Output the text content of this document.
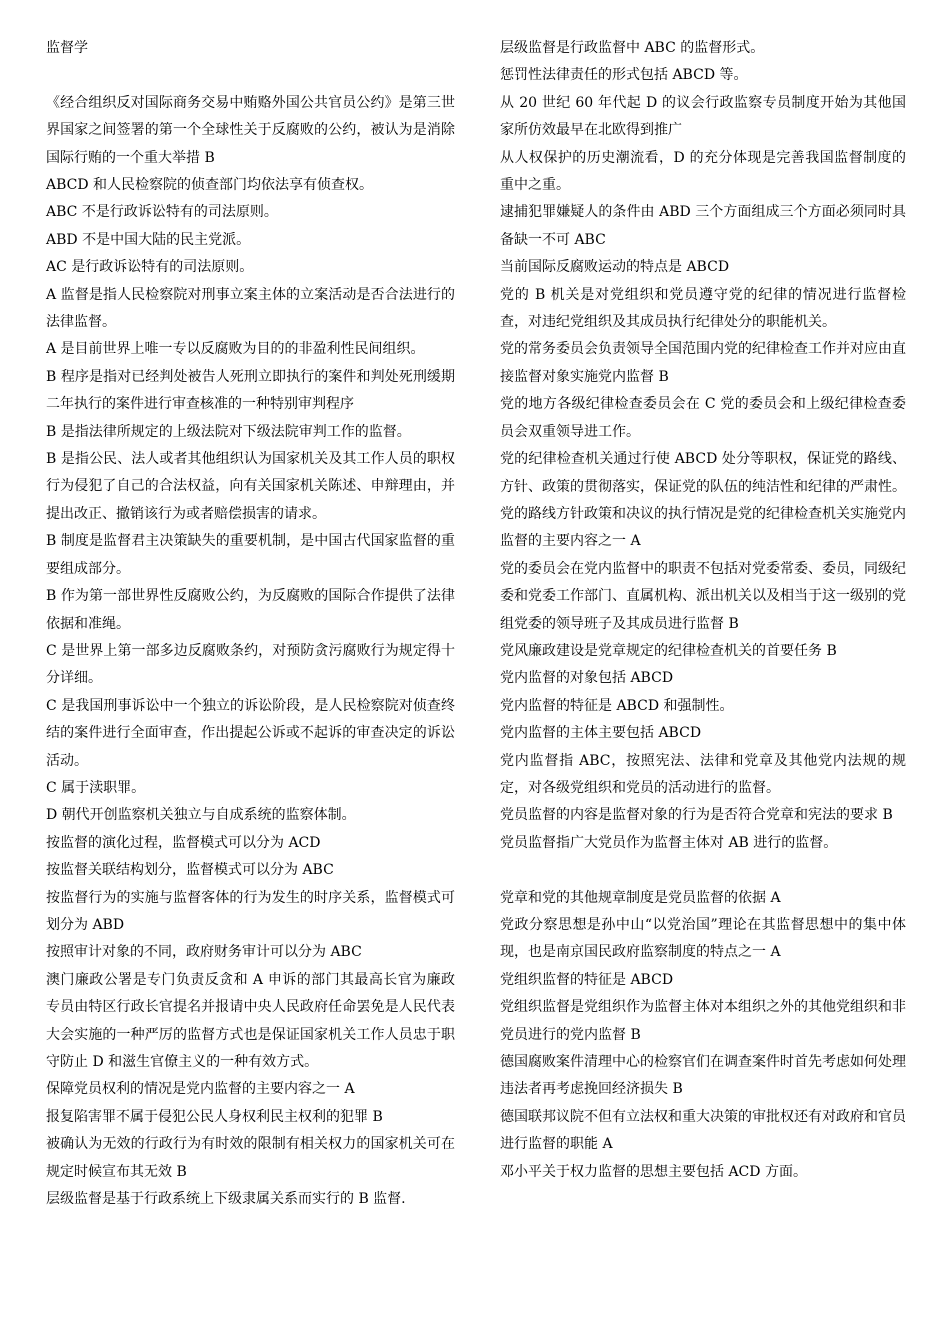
监督学

《经合组织反对国际商务交易中贿赂外国公共官员公约》是第三世界国家之间签署的第一个全球性关于反腐败的公约，被认为是消除国际行贿的一个重大举措 B

ABCD 和人民检察院的侦查部门均依法享有侦查权。

ABC 不是行政诉讼特有的司法原则。

ABD 不是中国大陆的民主党派。

AC 是行政诉讼特有的司法原则。

A 监督是指人民检察院对刑事立案主体的立案活动是否合法进行的法律监督。

A 是目前世界上唯一专以反腐败为目的的非盈利性民间组织。

B 程序是指对已经判处被告人死刑立即执行的案件和判处死刑缓期二年执行的案件进行审查核准的一种特别审判程序

B 是指法律所规定的上级法院对下级法院审判工作的监督。

B 是指公民、法人或者其他组织认为国家机关及其工作人员的职权行为侵犯了自己的合法权益，向有关国家机关陈述、申辩理由，并提出改正、撤销该行为或者赔偿损害的请求。

B 制度是监督君主决策缺失的重要机制，是中国古代国家监督的重要组成部分。

B 作为第一部世界性反腐败公约，为反腐败的国际合作提供了法律依据和准绳。

C 是世界上第一部多边反腐败条约，对预防贪污腐败行为规定得十分详细。

C 是我国刑事诉讼中一个独立的诉讼阶段，是人民检察院对侦查终结的案件进行全面审查，作出提起公诉或不起诉的审查决定的诉讼活动。

C 属于渎职罪。

D 朝代开创监察机关独立与自成系统的监察体制。

按监督的演化过程，监督模式可以分为 ACD

按监督关联结构划分，监督模式可以分为 ABC

按监督行为的实施与监督客体的行为发生的时序关系，监督模式可划分为 ABD

按照审计对象的不同，政府财务审计可以分为 ABC

澳门廉政公署是专门负责反贪和 A 申诉的部门其最高长官为廉政专员由特区行政长官提名并报请中央人民政府任命罢免是人民代表大会实施的一种严厉的监督方式也是保证国家机关工作人员忠于职守防止 D 和滋生官僚主义的一种有效方式。

保障党员权利的情况是党内监督的主要内容之一 A

报复陷害罪不属于侵犯公民人身权利民主权利的犯罪 B

被确认为无效的行政行为有时效的限制有相关权力的国家机关可在规定时候宣布其无效 B

层级监督是基于行政系统上下级隶属关系而实行的 B 监督.

层级监督是行政监督中 ABC 的监督形式。

惩罚性法律责任的形式包括 ABCD 等。

从 20 世纪 60 年代起 D 的议会行政监察专员制度开始为其他国家所仿效最早在北欧得到推广

从人权保护的历史潮流看，D 的充分体现是完善我国监督制度的重中之重。

逮捕犯罪嫌疑人的条件由 ABD 三个方面组成三个方面必须同时具备缺一不可 ABC

当前国际反腐败运动的特点是 ABCD

党的 B 机关是对党组织和党员遵守党的纪律的情况进行监督检查，对违纪党组织及其成员执行纪律处分的职能机关。

党的常务委员会负责领导全国范围内党的纪律检查工作并对应由直接监督对象实施党内监督 B

党的地方各级纪律检查委员会在 C 党的委员会和上级纪律检查委员会双重领导进工作。

党的纪律检查机关通过行使 ABCD 处分等职权，保证党的路线、方针、政策的贯彻落实，保证党的队伍的纯洁性和纪律的严肃性。

党的路线方针政策和决议的执行情况是党的纪律检查机关实施党内监督的主要内容之一 A

党的委员会在党内监督中的职责不包括对党委常委、委员，同级纪委和党委工作部门、直属机构、派出机关以及相当于这一级别的党组党委的领导班子及其成员进行监督 B

党风廉政建设是党章规定的纪律检查机关的首要任务 B

党内监督的对象包括 ABCD

党内监督的特征是 ABCD 和强制性。

党内监督的主体主要包括 ABCD

党内监督指 ABC，按照宪法、法律和党章及其他党内法规的规定，对各级党组织和党员的活动进行的监督。

党员监督的内容是监督对象的行为是否符合党章和宪法的要求 B

党员监督指广大党员作为监督主体对 AB 进行的监督。

党章和党的其他规章制度是党员监督的依据 A

党政分察思想是孙中山“以党治国”理论在其监督思想中的集中体现，也是南京国民政府监察制度的特点之一 A

党组织监督的特征是 ABCD

党组织监督是党组织作为监督主体对本组织之外的其他党组织和非党员进行的党内监督 B

德国腐败案件清理中心的检察官们在调查案件时首先考虑如何处理违法者再考虑挽回经济损失 B

德国联邦议院不但有立法权和重大决策的审批权还有对政府和官员进行监督的职能 A

邓小平关于权力监督的思想主要包括 ACD 方面。
